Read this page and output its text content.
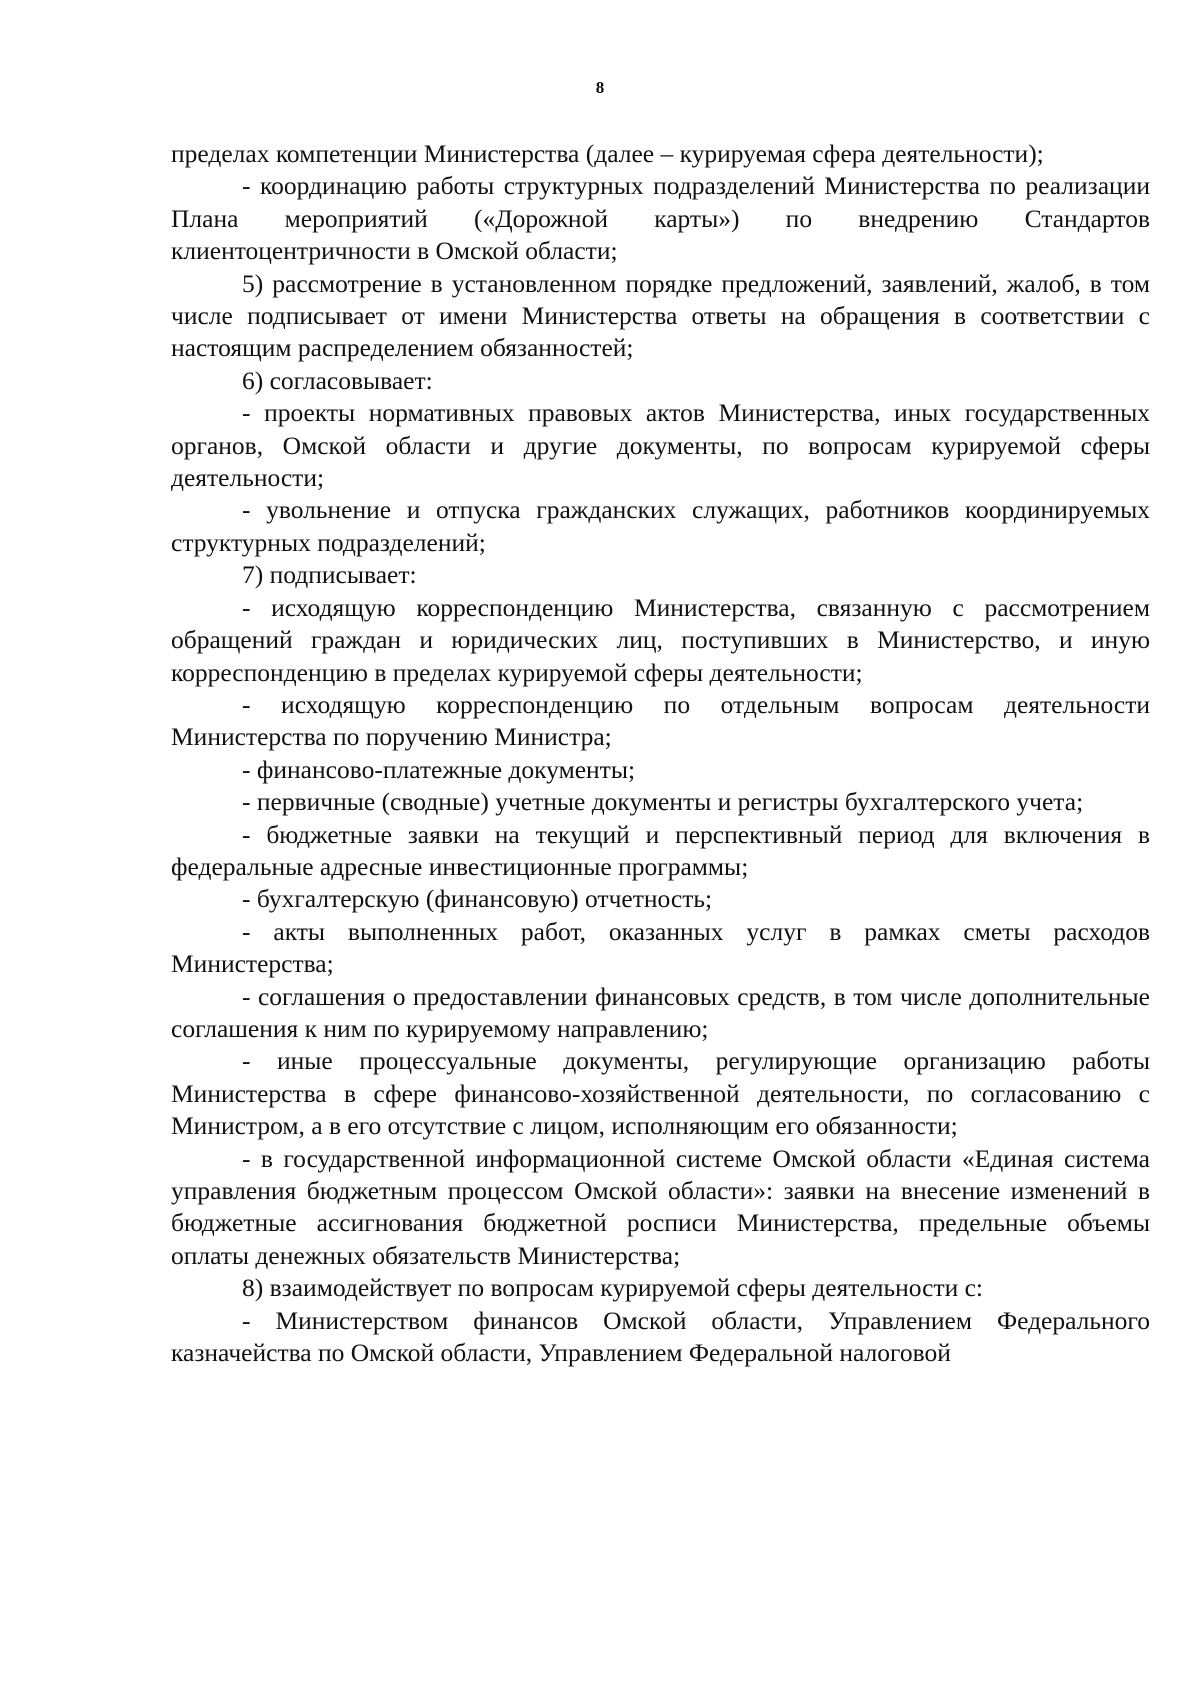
8

пределах компетенции Министерства (далее – курируемая сфера деятельности);

- координацию работы структурных подразделений Министерства по реализации Плана мероприятий («Дорожной карты») по внедрению Стандартов клиентоцентричности в Омской области;

5) рассмотрение в установленном порядке предложений, заявлений, жалоб, в том числе подписывает от имени Министерства ответы на обращения в соответствии с настоящим распределением обязанностей;

6) согласовывает:

- проекты нормативных правовых актов Министерства, иных государственных органов, Омской области и другие документы, по вопросам курируемой сферы деятельности;

- увольнение и отпуска гражданских служащих, работников координируемых структурных подразделений;

7) подписывает:

- исходящую корреспонденцию Министерства, связанную с рассмотрением обращений граждан и юридических лиц, поступивших в Министерство, и иную корреспонденцию в пределах курируемой сферы деятельности;

- исходящую корреспонденцию по отдельным вопросам деятельности Министерства по поручению Министра;

- финансово-платежные документы;

- первичные (сводные) учетные документы и регистры бухгалтерского учета;

- бюджетные заявки на текущий и перспективный период для включения в федеральные адресные инвестиционные программы;

- бухгалтерскую (финансовую) отчетность;

- акты выполненных работ, оказанных услуг в рамках сметы расходов Министерства;

- соглашения о предоставлении финансовых средств, в том числе дополнительные соглашения к ним по курируемому направлению;

- иные процессуальные документы, регулирующие организацию работы Министерства в сфере финансово-хозяйственной деятельности, по согласованию с Министром, а в его отсутствие с лицом, исполняющим его обязанности;

- в государственной информационной системе Омской области «Единая система управления бюджетным процессом Омской области»: заявки на внесение изменений в бюджетные ассигнования бюджетной росписи Министерства, предельные объемы оплаты денежных обязательств Министерства;

8) взаимодействует по вопросам курируемой сферы деятельности с:

- Министерством финансов Омской области, Управлением Федерального казначейства по Омской области, Управлением Федеральной налоговой
